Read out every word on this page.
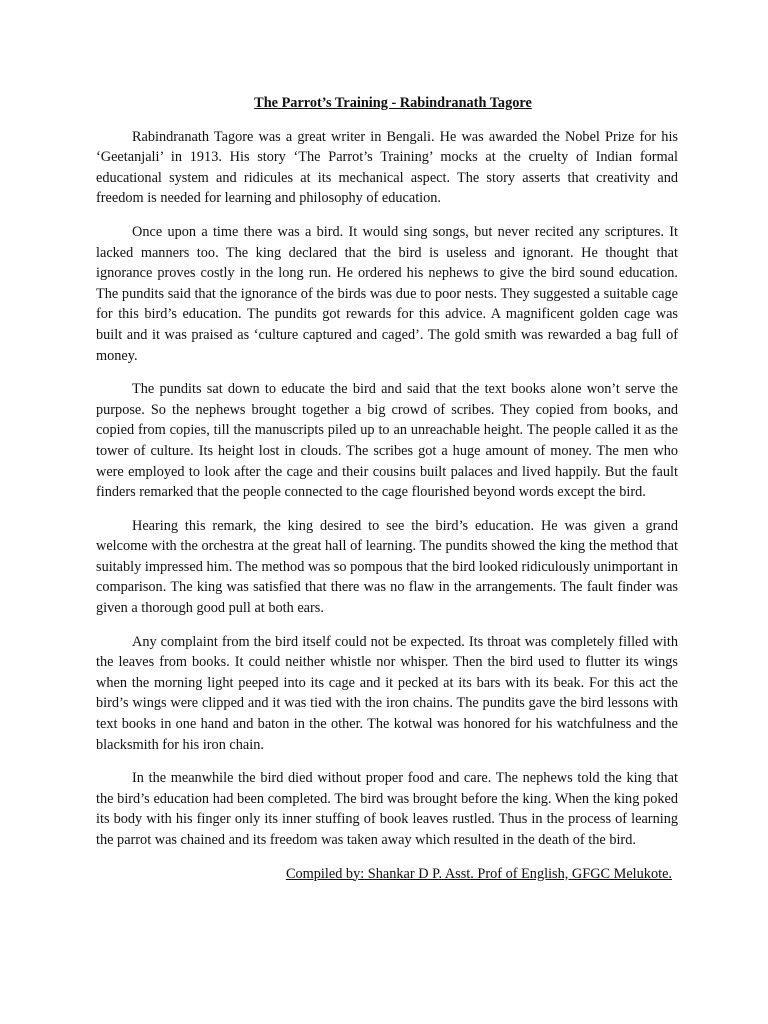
The Parrot’s Training - Rabindranath Tagore

Rabindranath Tagore was a great writer in Bengali. He was awarded the Nobel Prize for his ‘Geetanjali’ in 1913. His story ‘The Parrot’s Training’ mocks at the cruelty of Indian formal educational system and ridicules at its mechanical aspect. The story asserts that creativity and freedom is needed for learning and philosophy of education.

Once upon a time there was a bird. It would sing songs, but never recited any scriptures. It lacked manners too. The king declared that the bird is useless and ignorant. He thought that ignorance proves costly in the long run. He ordered his nephews to give the bird sound education. The pundits said that the ignorance of the birds was due to poor nests. They suggested a suitable cage for this bird’s education. The pundits got rewards for this advice. A magnificent golden cage was built and it was praised as ‘culture captured and caged’. The gold smith was rewarded a bag full of money.

The pundits sat down to educate the bird and said that the text books alone won’t serve the purpose. So the nephews brought together a big crowd of scribes. They copied from books, and copied from copies, till the manuscripts piled up to an unreachable height. The people called it as the tower of culture. Its height lost in clouds. The scribes got a huge amount of money. The men who were employed to look after the cage and their cousins built palaces and lived happily. But the fault finders remarked that the people connected to the cage flourished beyond words except the bird.

Hearing this remark, the king desired to see the bird’s education. He was given a grand welcome with the orchestra at the great hall of learning. The pundits showed the king the method that suitably impressed him. The method was so pompous that the bird looked ridiculously unimportant in comparison. The king was satisfied that there was no flaw in the arrangements. The fault finder was given a thorough good pull at both ears.

Any complaint from the bird itself could not be expected. Its throat was completely filled with the leaves from books. It could neither whistle nor whisper. Then the bird used to flutter its wings when the morning light peeped into its cage and it pecked at its bars with its beak. For this act the bird’s wings were clipped and it was tied with the iron chains. The pundits gave the bird lessons with text books in one hand and baton in the other. The kotwal was honored for his watchfulness and the blacksmith for his iron chain.

In the meanwhile the bird died without proper food and care. The nephews told the king that the bird’s education had been completed. The bird was brought before the king. When the king poked its body with his finger only its inner stuffing of book leaves rustled. Thus in the process of learning the parrot was chained and its freedom was taken away which resulted in the death of the bird.

Compiled by: Shankar D P. Asst. Prof of English, GFGC Melukote.
